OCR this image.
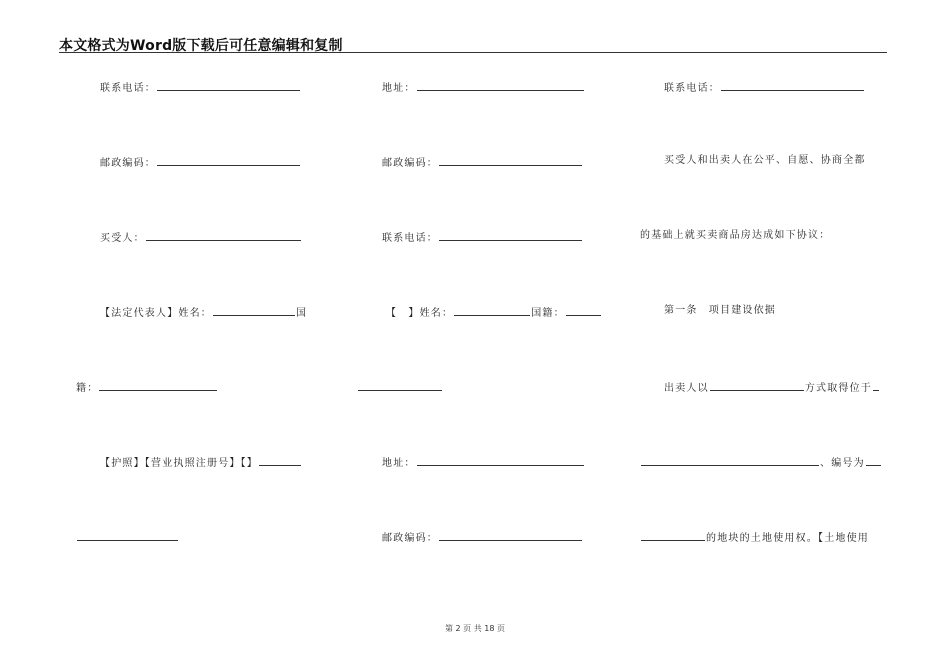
本文格式为Word版下载后可任意编辑和复制
联系电话：
邮政编码：
买受人：
【法定代表人】姓名：	国
籍：
【护照】【营业执照注册号】【】
地址：
邮政编码：
联系电话：
【　】姓名：	国籍：
地址：
邮政编码：
联系电话：
买受人和出卖人在公平、自愿、协商全都
的基础上就买卖商品房达成如下协议：
第一条　项目建设依据
出卖人以	方式取得位于
、编号为
的地块的土地使用权。【土地使用
第 2 页 共 18 页
